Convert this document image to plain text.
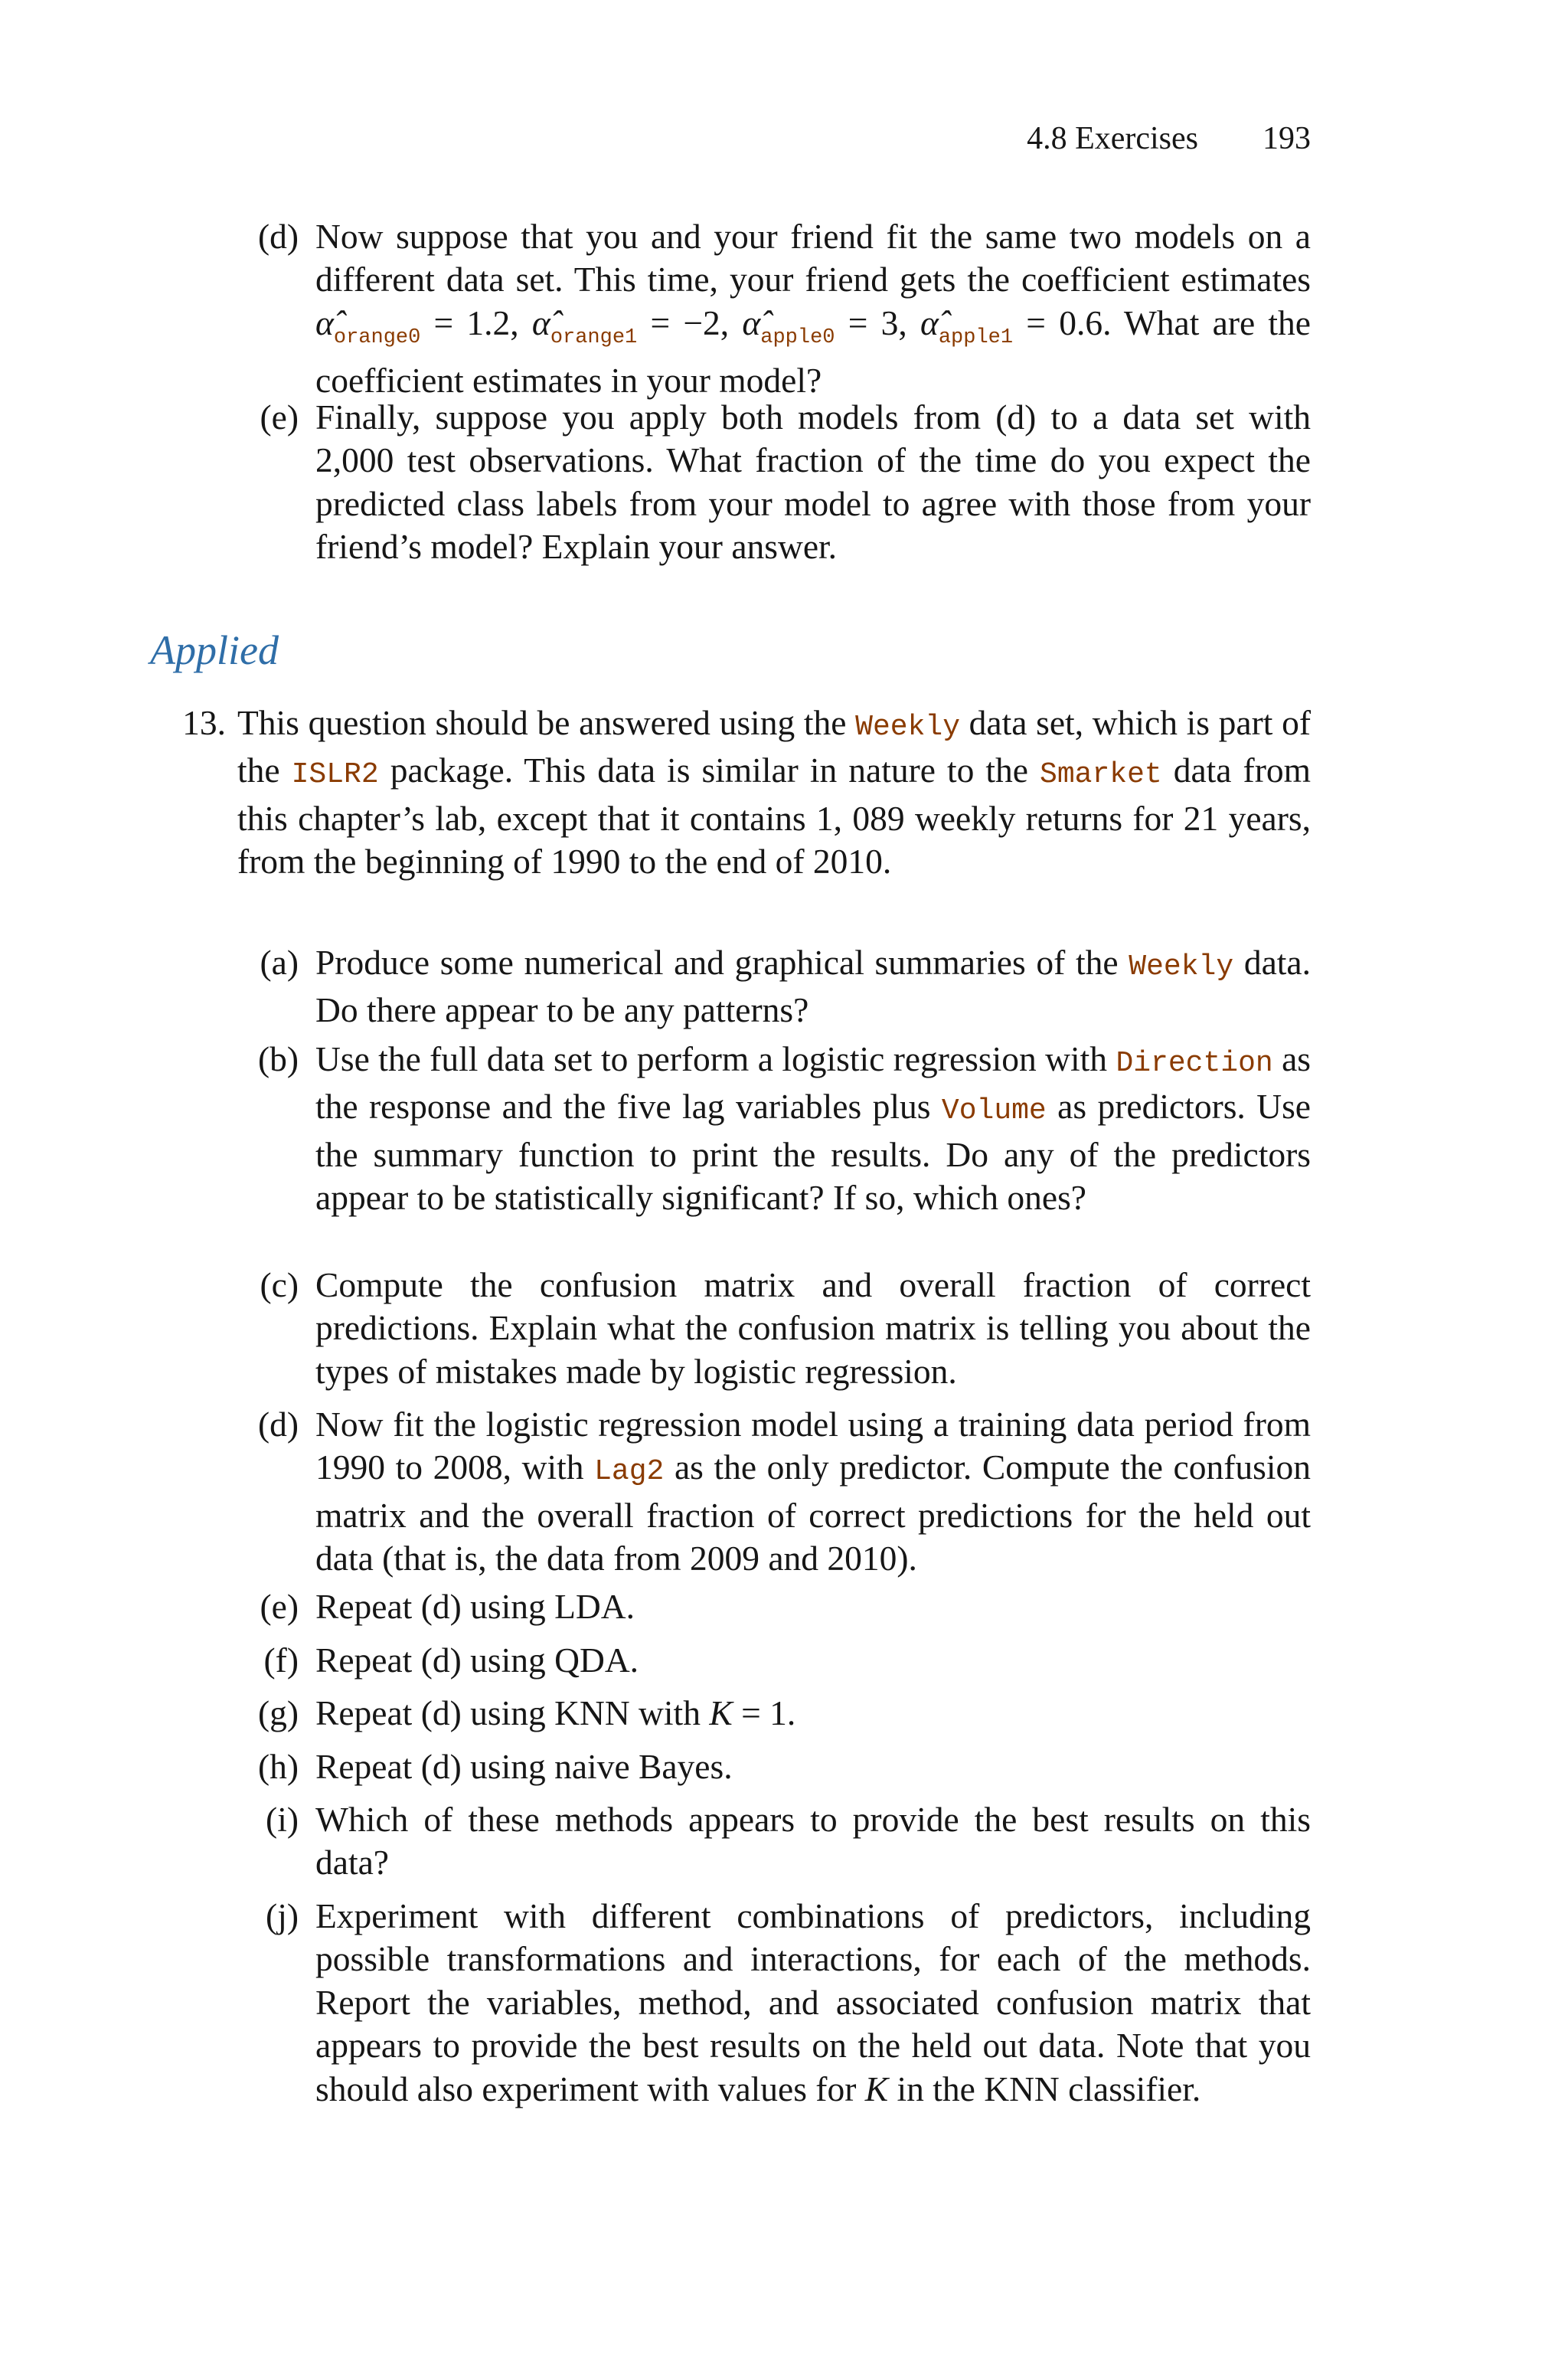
4.8 Exercises 193
(d) Now suppose that you and your friend fit the same two models on a different data set. This time, your friend gets the coefficient estimates $\alphâ_{orange0} = 1.2$, $\alphâ_{orange1} = -2$, $\alphâ_{apple0} = 3$, $\alphâ_{apple1} = 0.6$. What are the coefficient estimates in your model?
(e) Finally, suppose you apply both models from (d) to a data set with 2,000 test observations. What fraction of the time do you expect the predicted class labels from your model to agree with those from your friend’s model? Explain your answer.
Applied
13. This question should be answered using the Weekly data set, which is part of the ISLR2 package. This data is similar in nature to the Smarket data from this chapter’s lab, except that it contains 1, 089 weekly returns for 21 years, from the beginning of 1990 to the end of 2010.
(a) Produce some numerical and graphical summaries of the Weekly data. Do there appear to be any patterns?
(b) Use the full data set to perform a logistic regression with Direction as the response and the five lag variables plus Volume as predictors. Use the summary function to print the results. Do any of the predictors appear to be statistically significant? If so, which ones?
(c) Compute the confusion matrix and overall fraction of correct predictions. Explain what the confusion matrix is telling you about the types of mistakes made by logistic regression.
(d) Now fit the logistic regression model using a training data period from 1990 to 2008, with Lag2 as the only predictor. Compute the confusion matrix and the overall fraction of correct predictions for the held out data (that is, the data from 2009 and 2010).
(e) Repeat (d) using LDA.
(f) Repeat (d) using QDA.
(g) Repeat (d) using KNN with K = 1.
(h) Repeat (d) using naive Bayes.
(i) Which of these methods appears to provide the best results on this data?
(j) Experiment with different combinations of predictors, including possible transformations and interactions, for each of the methods. Report the variables, method, and associated confusion matrix that appears to provide the best results on the held out data. Note that you should also experiment with values for K in the KNN classifier.
